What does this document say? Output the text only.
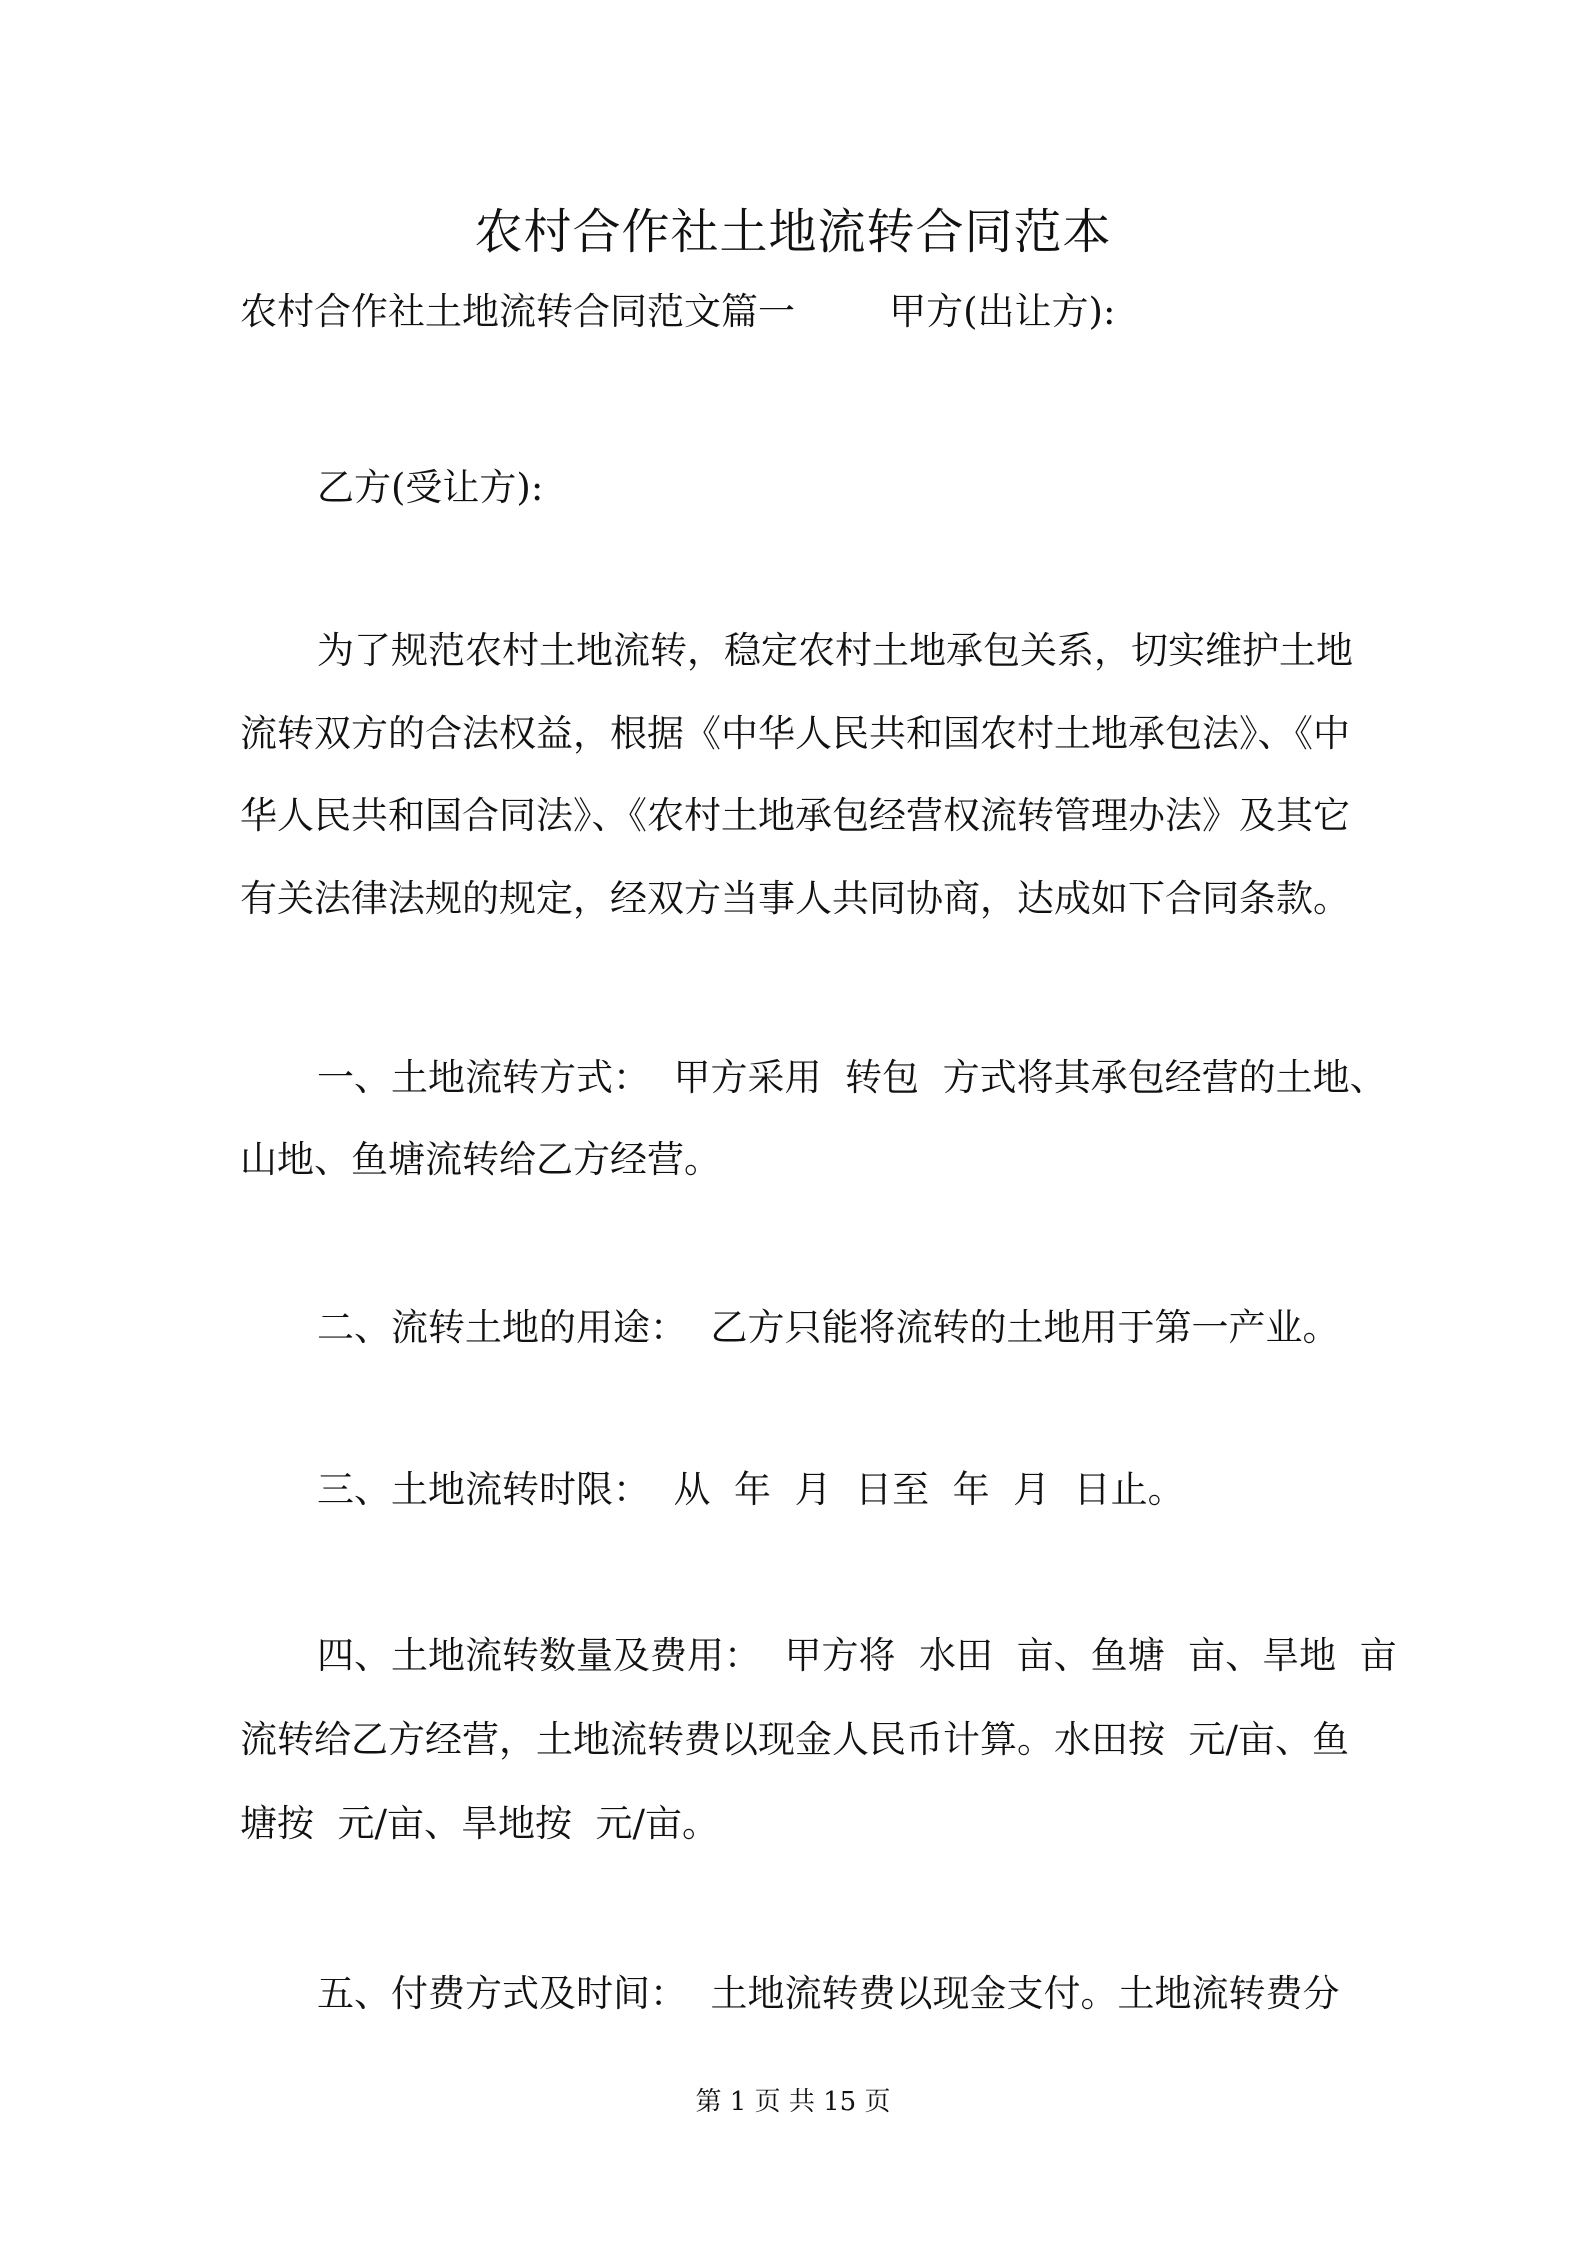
农村合作社土地流转合同范本

农村合作社土地流转合同范文篇一        甲方(出让方):

乙方(受让方):

为了规范农村土地流转，稳定农村土地承包关系，切实维护土地

流转双方的合法权益，根据《中华人民共和国农村土地承包法》、《中

华人民共和国合同法》、《农村土地承包经营权流转管理办法》及其它

有关法律法规的规定，经双方当事人共同协商，达成如下合同条款。

一、土地流转方式：  甲方采用  转包  方式将其承包经营的土地、

山地、鱼塘流转给乙方经营。

二、流转土地的用途：  乙方只能将流转的土地用于第一产业。

三、土地流转时限：  从  年  月  日至  年  月  日止。

四、土地流转数量及费用：  甲方将  水田  亩、鱼塘  亩、旱地  亩

流转给乙方经营，土地流转费以现金人民币计算。水田按  元/亩、鱼

塘按  元/亩、旱地按  元/亩。

五、付费方式及时间：  土地流转费以现金支付。土地流转费分

第 1 页 共 15 页
